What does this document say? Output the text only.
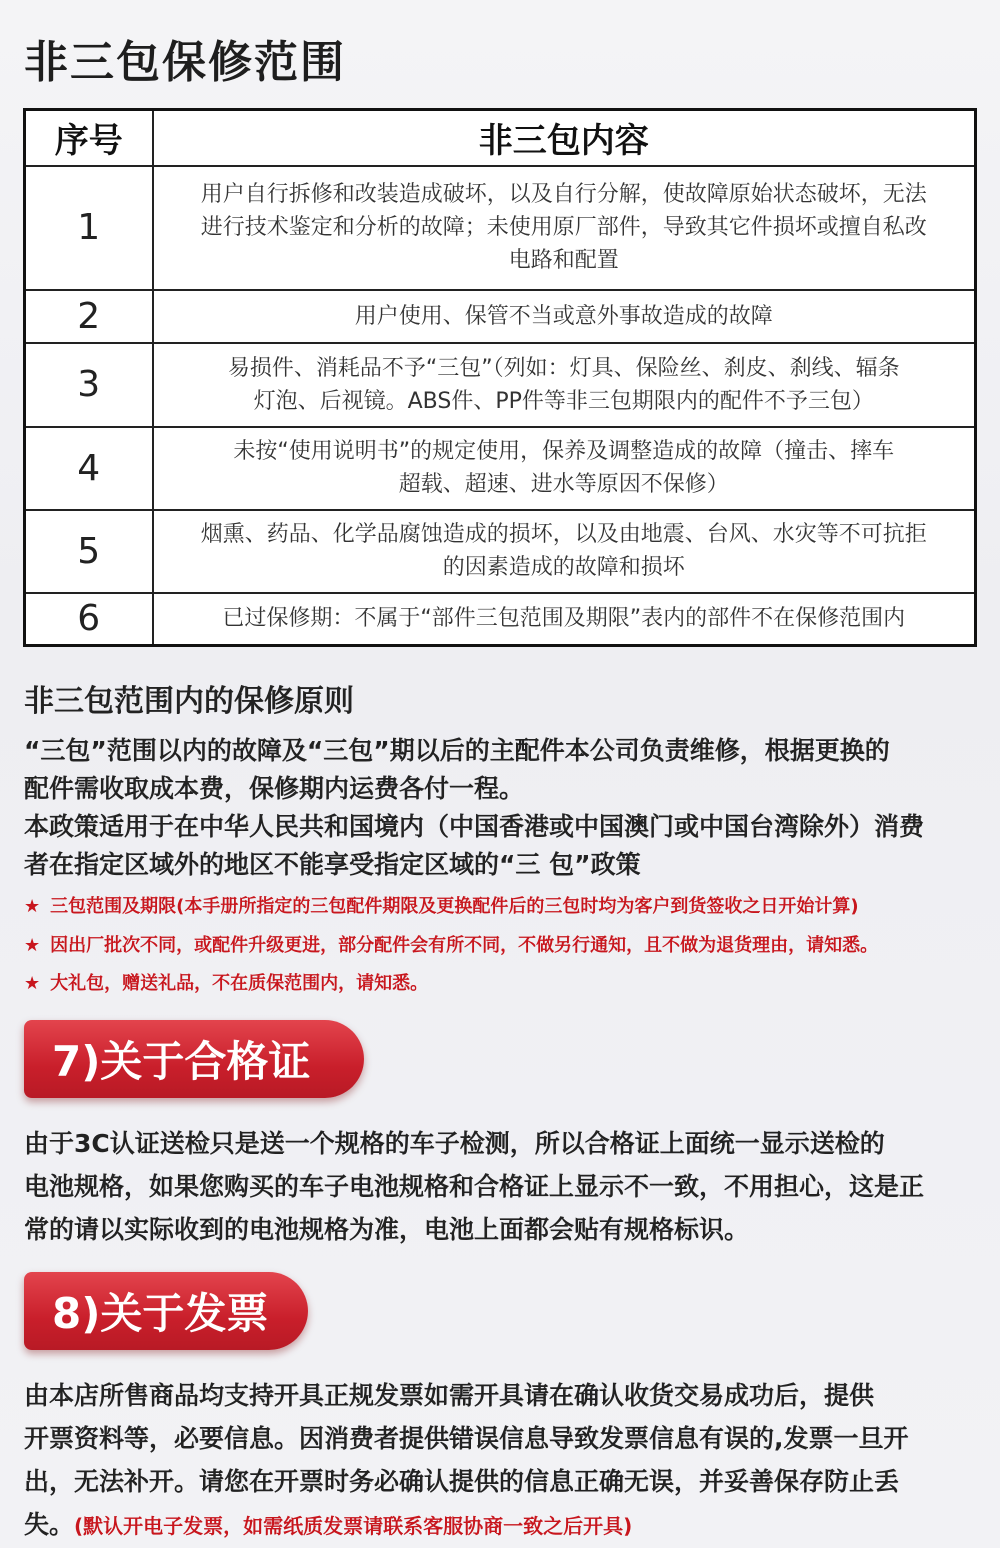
非三包保修范围
序号	非三包内容
1	用户自行拆修和改装造成破坏，以及自行分解，使故障原始状态破坏，无法
进行技术鉴定和分析的故障；未使用原厂部件，导致其它件损坏或擅自私改
电路和配置

2	用户使用、保管不当或意外事故造成的故障

3	易损件、消耗品不予“三包”（列如：灯具、保险丝、刹皮、刹线、辐条
灯泡、后视镜。ABS件、PP件等非三包期限内的配件不予三包）

4	未按“使用说明书”的规定使用，保养及调整造成的故障（撞击、摔车
超载、超速、进水等原因不保修）

5	烟熏、药品、化学品腐蚀造成的损坏，以及由地震、台风、水灾等不可抗拒
的因素造成的故障和损坏

6	已过保修期：不属于“部件三包范围及期限”表内的部件不在保修范围内
非三包范围内的保修原则
“三包”范围以内的故障及“三包”期以后的主配件本公司负责维修，根据更换的
配件需收取成本费，保修期内运费各付一程。
本政策适用于在中华人民共和国境内（中国香港或中国澳门或中国台湾除外）消费
者在指定区域外的地区不能享受指定区域的“三 包”政策
★ 三包范围及期限(本手册所指定的三包配件期限及更换配件后的三包时均为客户到货签收之日开始计算)
★ 因出厂批次不同，或配件升级更进，部分配件会有所不同，不做另行通知，且不做为退货理由，请知悉。
★ 大礼包，赠送礼品，不在质保范围内，请知悉。
7)关于合格证
由于3C认证送检只是送一个规格的车子检测，所以合格证上面统一显示送检的
电池规格，如果您购买的车子电池规格和合格证上显示不一致，不用担心，这是正
常的请以实际收到的电池规格为准，电池上面都会贴有规格标识。
8)关于发票
由本店所售商品均支持开具正规发票如需开具请在确认收货交易成功后，提供
开票资料等，必要信息。因消费者提供错误信息导致发票信息有误的,发票一旦开
出，无法补开。请您在开票时务必确认提供的信息正确无误，并妥善保存防止丢
失。(默认开电子发票，如需纸质发票请联系客服协商一致之后开具)
